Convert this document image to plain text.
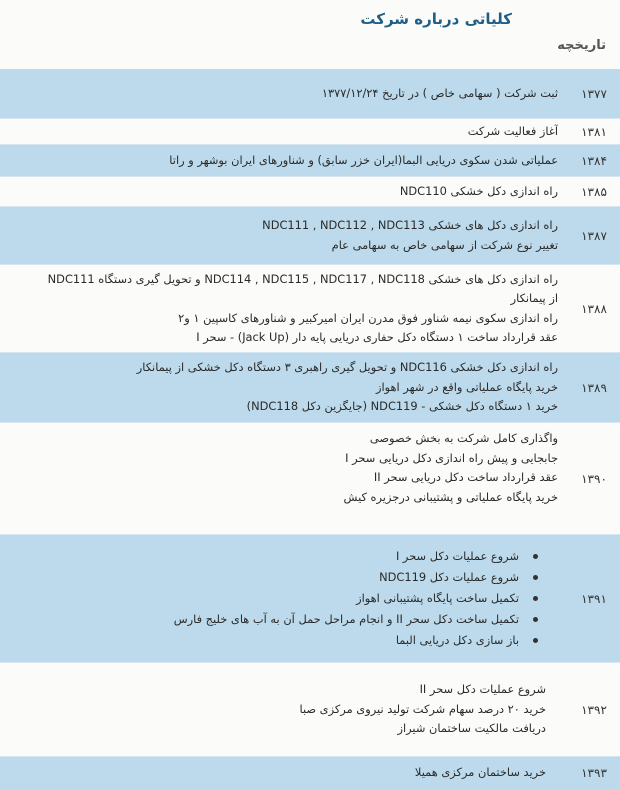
کلیاتی درباره شرکت
تاریخچه
۱۳۷۷
ثبت شرکت ( سهامی خاص ) در تاریخ ۱۳۷۷/۱۲/۲۴
۱۳۸۱
آغاز فعالیت شرکت
۱۳۸۴
عملیاتی شدن سکوی دریایی البما(ایران خزر سابق) و شناورهای ایران بوشهر و راتا
۱۳۸۵
راه اندازی دکل خشکی NDC110
۱۳۸۷
راه اندازی دکل های خشکی NDC111 , NDC112 , NDC113
تغییر نوع شرکت از سهامی خاص به سهامی عام
۱۳۸۸
راه اندازی دکل های خشکی NDC114 , NDC115 , NDC117 , NDC118 و تحویل گیری دستگاه NDC111
از پیمانکار
راه اندازی سکوی نیمه شناور فوق مدرن ایران امیرکبیر و شناورهای کاسپین ۱ و۲
عقد قرارداد ساخت ۱ دستگاه دکل حفاری دریایی پایه دار (Jack Up) - سحر I
۱۳۸۹
راه اندازی دکل خشکی NDC116 و تحویل گیری راهبری ۳ دستگاه دکل خشکی از پیمانکار
خرید پایگاه عملیاتی واقع در شهر اهواز
خرید ۱ دستگاه دکل خشکی - NDC119 (جایگزین دکل NDC118)
۱۳۹۰
واگذاری کامل شرکت به بخش خصوصی
جابجایی و پیش راه اندازی دکل دریایی سحر I
عقد قرارداد ساخت دکل دریایی سحر II
خرید پایگاه عملیاتی و پشتیبانی درجزیره کیش
۱۳۹۱
شروع عملیات دکل سحر I
شروع عملیات دکل NDC119
تکمیل ساخت پایگاه پشتیبانی اهواز
تکمیل ساخت دکل سحر II و انجام مراحل حمل آن به آب های خلیج فارس
باز سازی دکل دریایی البما
۱۳۹۲
شروع عملیات دکل سحر II
خرید ۲۰ درصد سهام شرکت تولید نیروی مرکزی صبا
دریافت مالکیت ساختمان شیراز
۱۳۹۳
خرید ساختمان مرکزی همیلا
